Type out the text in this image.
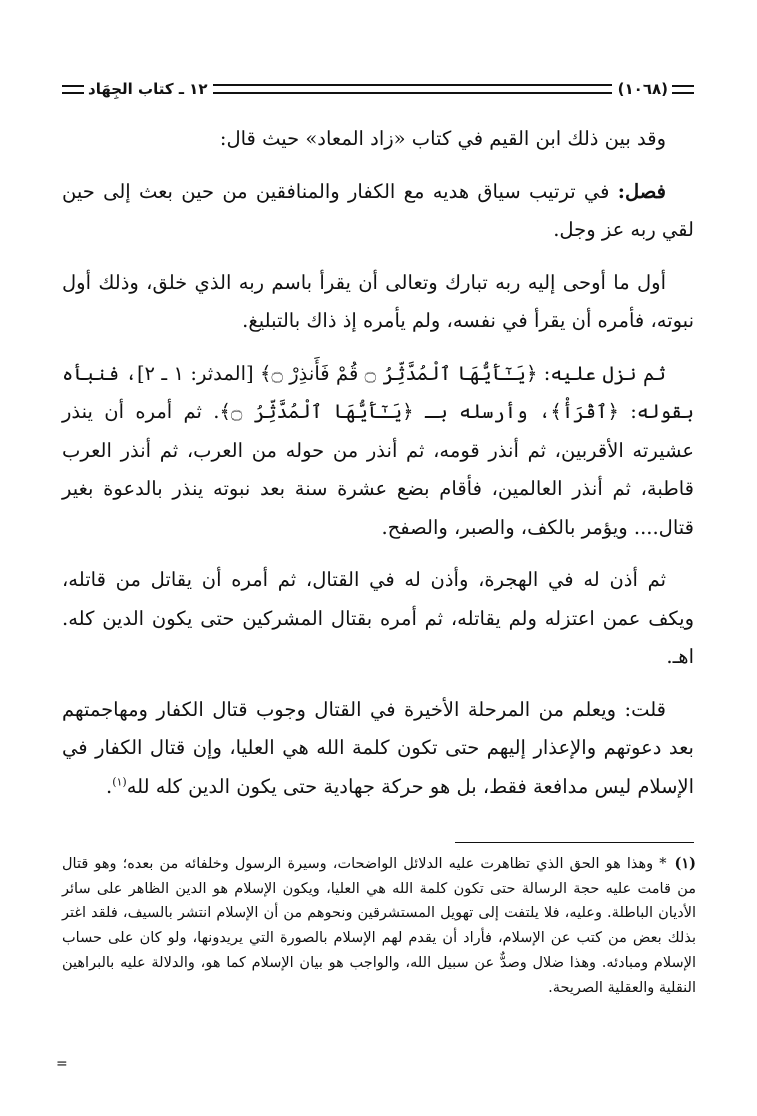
(١٠٦٨)
١٢ ـ كتاب الجِهَاد

وقد بين ذلك ابن القيم في كتاب «زاد المعاد» حيث قال:

فصل: في ترتيب سياق هديه مع الكفار والمنافقين من حين بعث إلى حين لقي ربه عز وجل.

أول ما أوحى إليه ربه تبارك وتعالى أن يقرأ باسم ربه الذي خلق، وذلك أول نبوته، فأمره أن يقرأ في نفسه، ولم يأمره إذ ذاك بالتبليغ.

ثم نزل عليه: ﴿يَـٰٓأَيُّهَا ٱلْمُدَّثِّرُ ۝ قُمْ فَأَنذِرْ ۝﴾ [المدثر: ١ ـ ٢]، فنبأه بقوله: ﴿ٱقْرَأْ﴾، وأرسله بـ ﴿يَـٰٓأَيُّهَا ٱلْمُدَّثِّرُ ۝﴾. ثم أمره أن ينذر عشيرته الأقربين، ثم أنذر قومه، ثم أنذر من حوله من العرب، ثم أنذر العرب قاطبة، ثم أنذر العالمين، فأقام بضع عشرة سنة بعد نبوته ينذر بالدعوة بغير قتال.... ويؤمر بالكف، والصبر، والصفح.

ثم أذن له في الهجرة، وأذن له في القتال، ثم أمره أن يقاتل من قاتله، ويكف عمن اعتزله ولم يقاتله، ثم أمره بقتال المشركين حتى يكون الدين كله. اهـ.

قلت: ويعلم من المرحلة الأخيرة في القتال وجوب قتال الكفار ومهاجمتهم بعد دعوتهم والإعذار إليهم حتى تكون كلمة الله هي العليا، وإن قتال الكفار في الإسلام ليس مدافعة فقط، بل هو حركة جهادية حتى يكون الدين كله لله$^{(١)}$.

(١)* وهذا هو الحق الذي تظاهرت عليه الدلائل الواضحات، وسيرة الرسول وخلفائه من بعده؛ وهو قتال من قامت عليه حجة الرسالة حتى تكون كلمة الله هي العليا، ويكون الإسلام هو الدين الظاهر على سائر الأديان الباطلة. وعليه، فلا يلتفت إلى تهويل المستشرقين ونحوهم من أن الإسلام انتشر بالسيف، فلقد اغتر بذلك بعض من كتب عن الإسلام، فأراد أن يقدم لهم الإسلام بالصورة التي يريدونها، ولو كان على حساب الإسلام ومبادئه. وهذا ضلال وصدٌّ عن سبيل الله، والواجب هو بيان الإسلام كما هو، والدلالة عليه بالبراهين النقلية والعقلية الصريحة.
=
